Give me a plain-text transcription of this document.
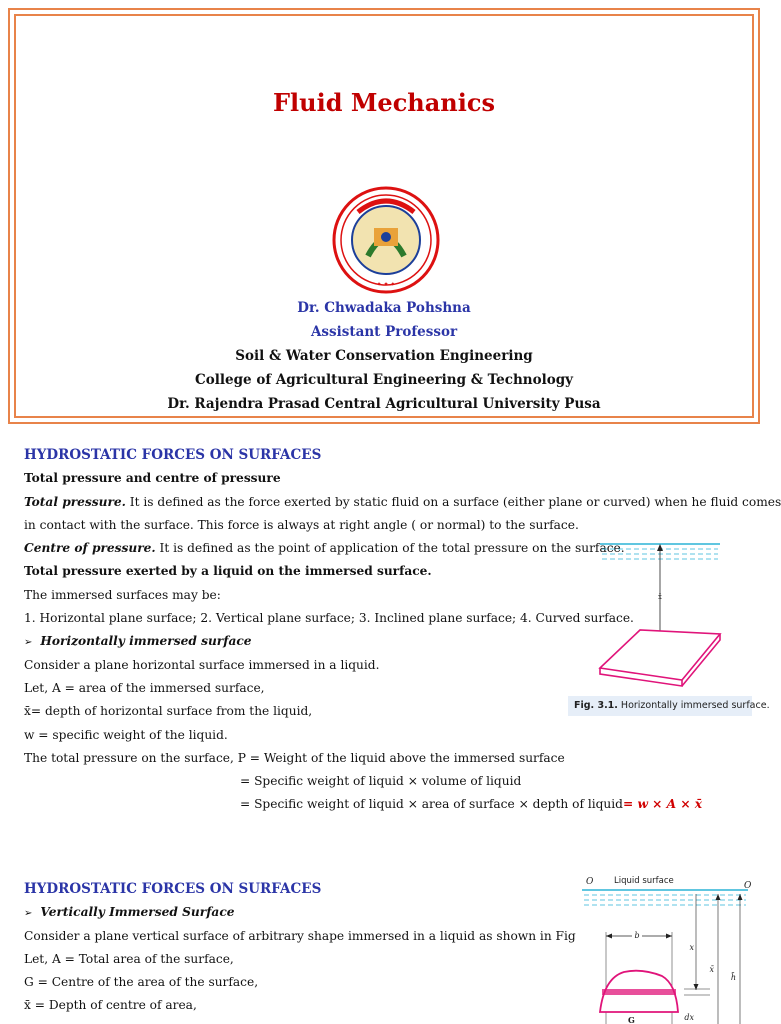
Fluid Mechanics
✦ ✦ ✦
Dr. Chwadaka Pohshna
Assistant Professor
Soil & Water Conservation Engineering
College of Agricultural Engineering & Technology
Dr. Rajendra Prasad Central Agricultural University Pusa
HYDROSTATIC FORCES ON SURFACES
Total pressure and centre of pressure
Total pressure. It is defined as the force exerted by static fluid on a surface (either plane or curved) when he fluid comes
in contact with the surface. This force is always at right angle ( or normal) to the surface.
Centre of pressure. It is defined as the point of application of the total pressure on the surface.
Total pressure exerted by a liquid on the immersed surface.
The immersed surfaces may be:
1. Horizontal plane surface; 2. Vertical plane surface; 3. Inclined plane surface; 4. Curved surface.
➢ Horizontally immersed surface
Consider a plane horizontal surface immersed in a liquid.
Let, A = area of the immersed surface,
x̄= depth of horizontal surface from the liquid,
w = specific weight of the liquid.
The total pressure on the surface, P = Weight of the liquid above the immersed surface
= Specific weight of liquid × volume of liquid
= Specific weight of liquid × area of surface × depth of liquid= w × A × x̄
x̄
Fig. 3.1. Horizontally immersed surface.
HYDROSTATIC FORCES ON SURFACES
➢ Vertically Immersed Surface
Consider a plane vertical surface of arbitrary shape immersed in a liquid as shown in Fig
Let, A = Total area of the surface,
G = Centre of the area of the surface,
x̄ = Depth of centre of area,
O	O
Liquid surface
b
x
dx
x̄
h̄
G
